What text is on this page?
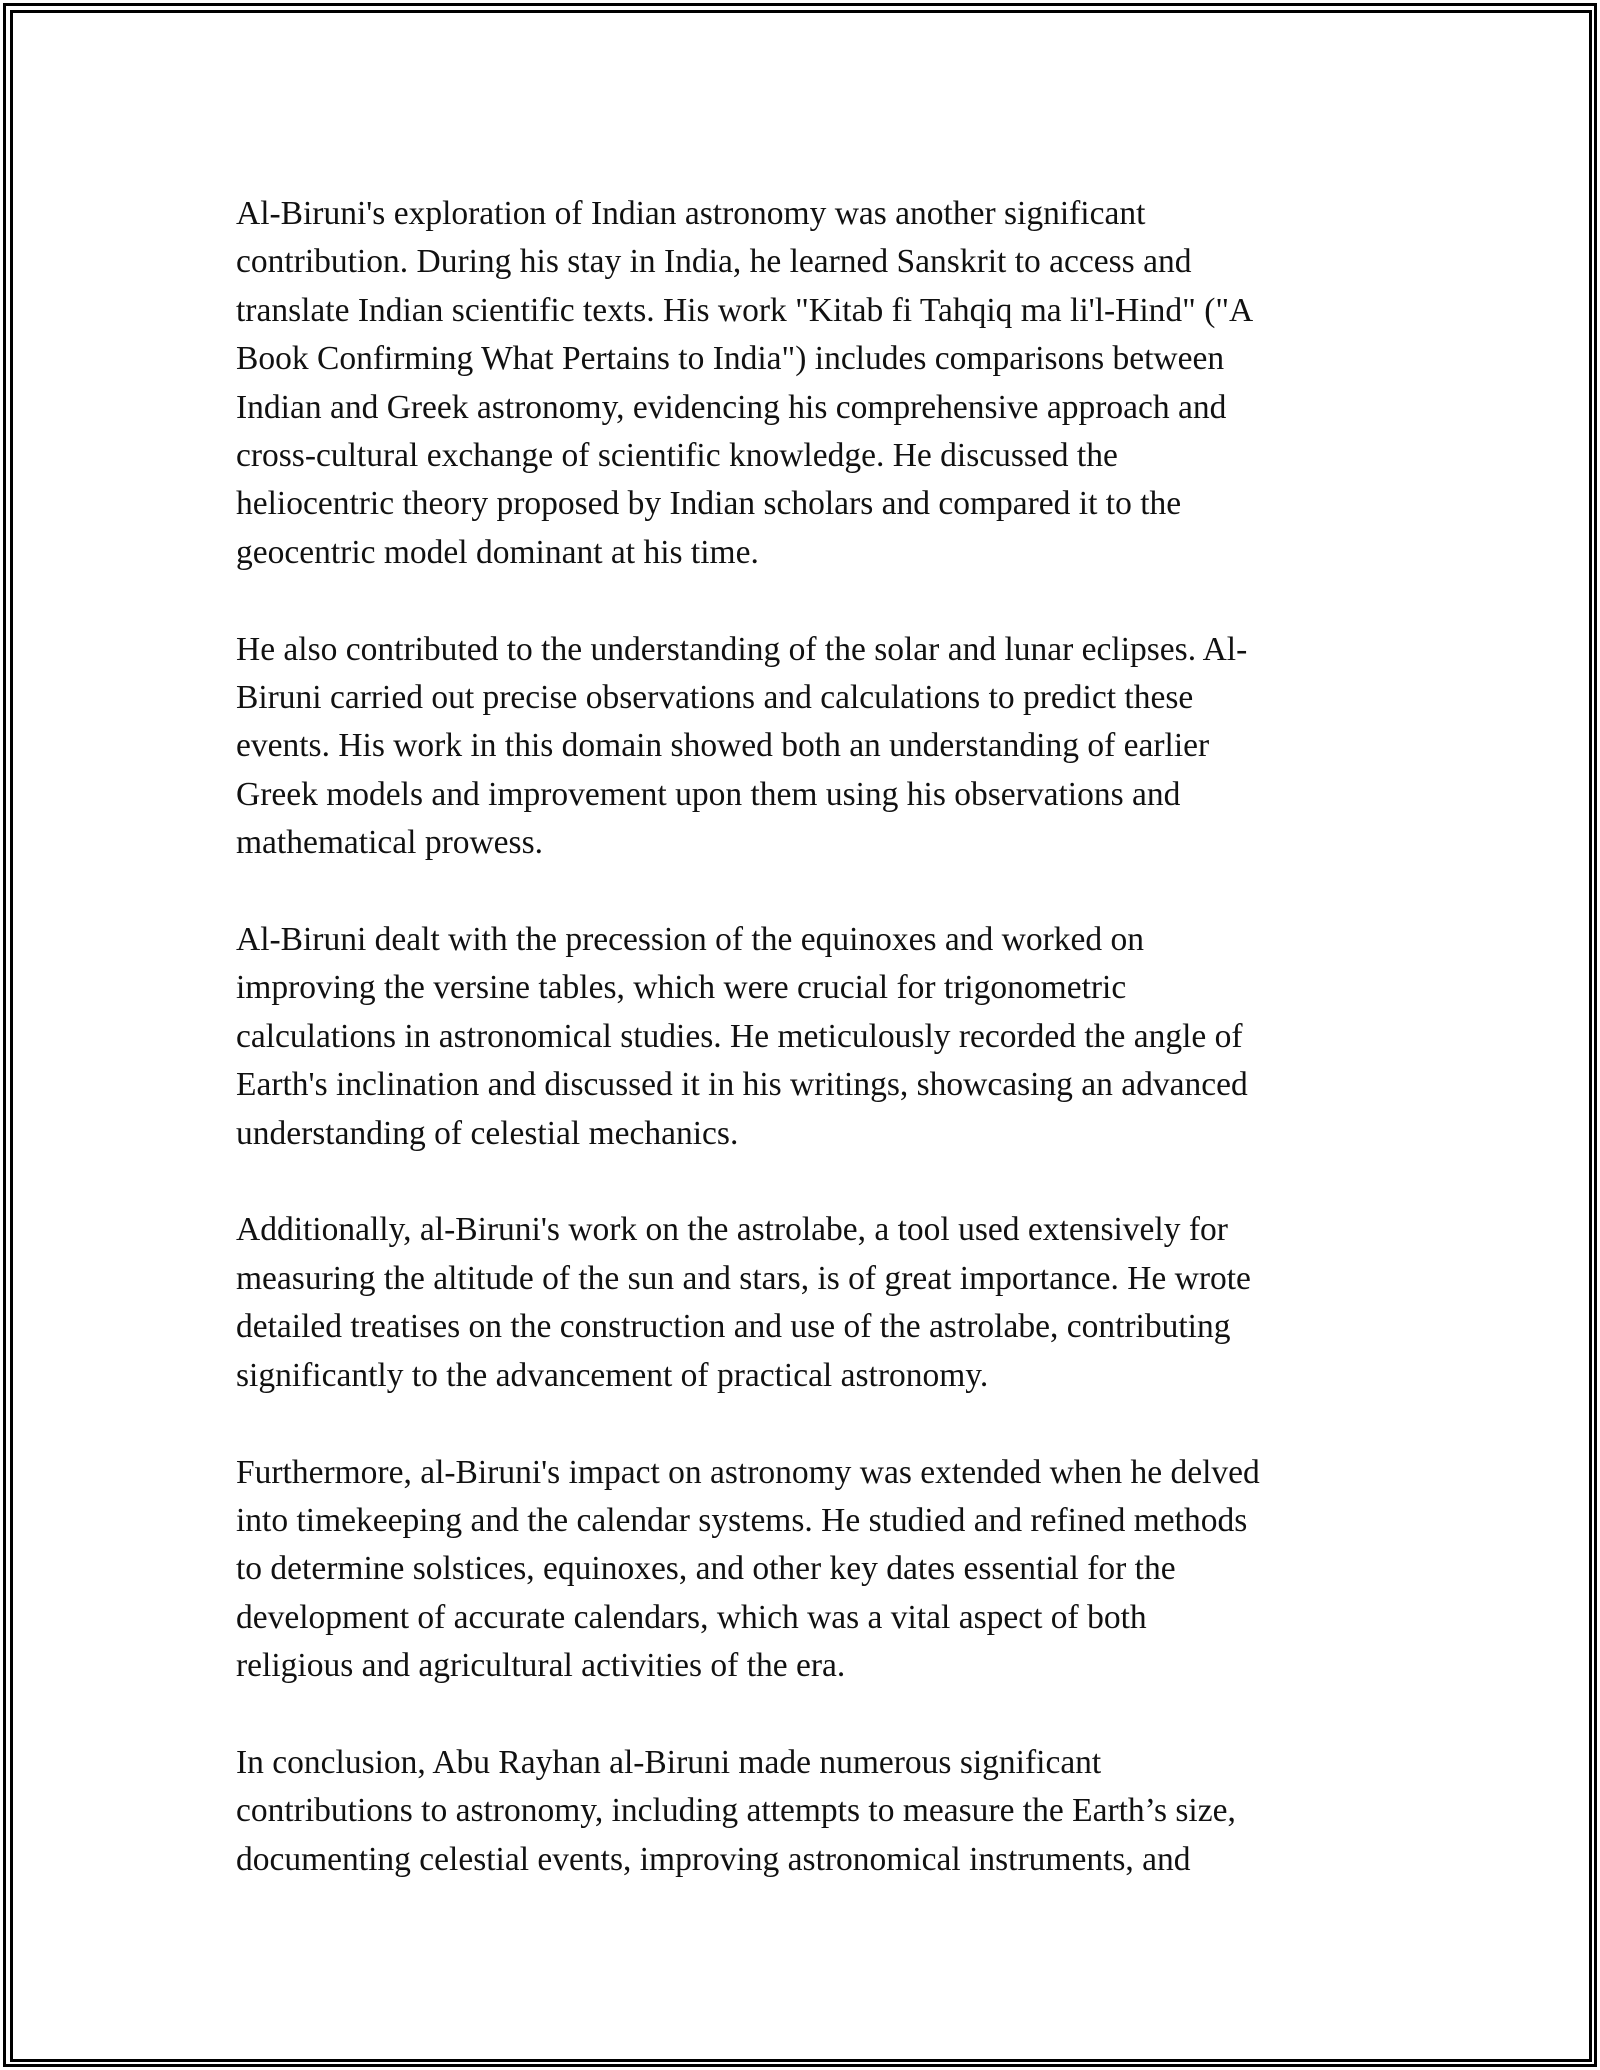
Al-Biruni's exploration of Indian astronomy was another significant
contribution. During his stay in India, he learned Sanskrit to access and
translate Indian scientific texts. His work "Kitab fi Tahqiq ma li'l-Hind" ("A
Book Confirming What Pertains to India") includes comparisons between
Indian and Greek astronomy, evidencing his comprehensive approach and
cross-cultural exchange of scientific knowledge. He discussed the
heliocentric theory proposed by Indian scholars and compared it to the
geocentric model dominant at his time.
He also contributed to the understanding of the solar and lunar eclipses. Al-
Biruni carried out precise observations and calculations to predict these
events. His work in this domain showed both an understanding of earlier
Greek models and improvement upon them using his observations and
mathematical prowess.
Al-Biruni dealt with the precession of the equinoxes and worked on
improving the versine tables, which were crucial for trigonometric
calculations in astronomical studies. He meticulously recorded the angle of
Earth's inclination and discussed it in his writings, showcasing an advanced
understanding of celestial mechanics.
Additionally, al-Biruni's work on the astrolabe, a tool used extensively for
measuring the altitude of the sun and stars, is of great importance. He wrote
detailed treatises on the construction and use of the astrolabe, contributing
significantly to the advancement of practical astronomy.
Furthermore, al-Biruni's impact on astronomy was extended when he delved
into timekeeping and the calendar systems. He studied and refined methods
to determine solstices, equinoxes, and other key dates essential for the
development of accurate calendars, which was a vital aspect of both
religious and agricultural activities of the era.
In conclusion, Abu Rayhan al-Biruni made numerous significant
contributions to astronomy, including attempts to measure the Earth’s size,
documenting celestial events, improving astronomical instruments, and
